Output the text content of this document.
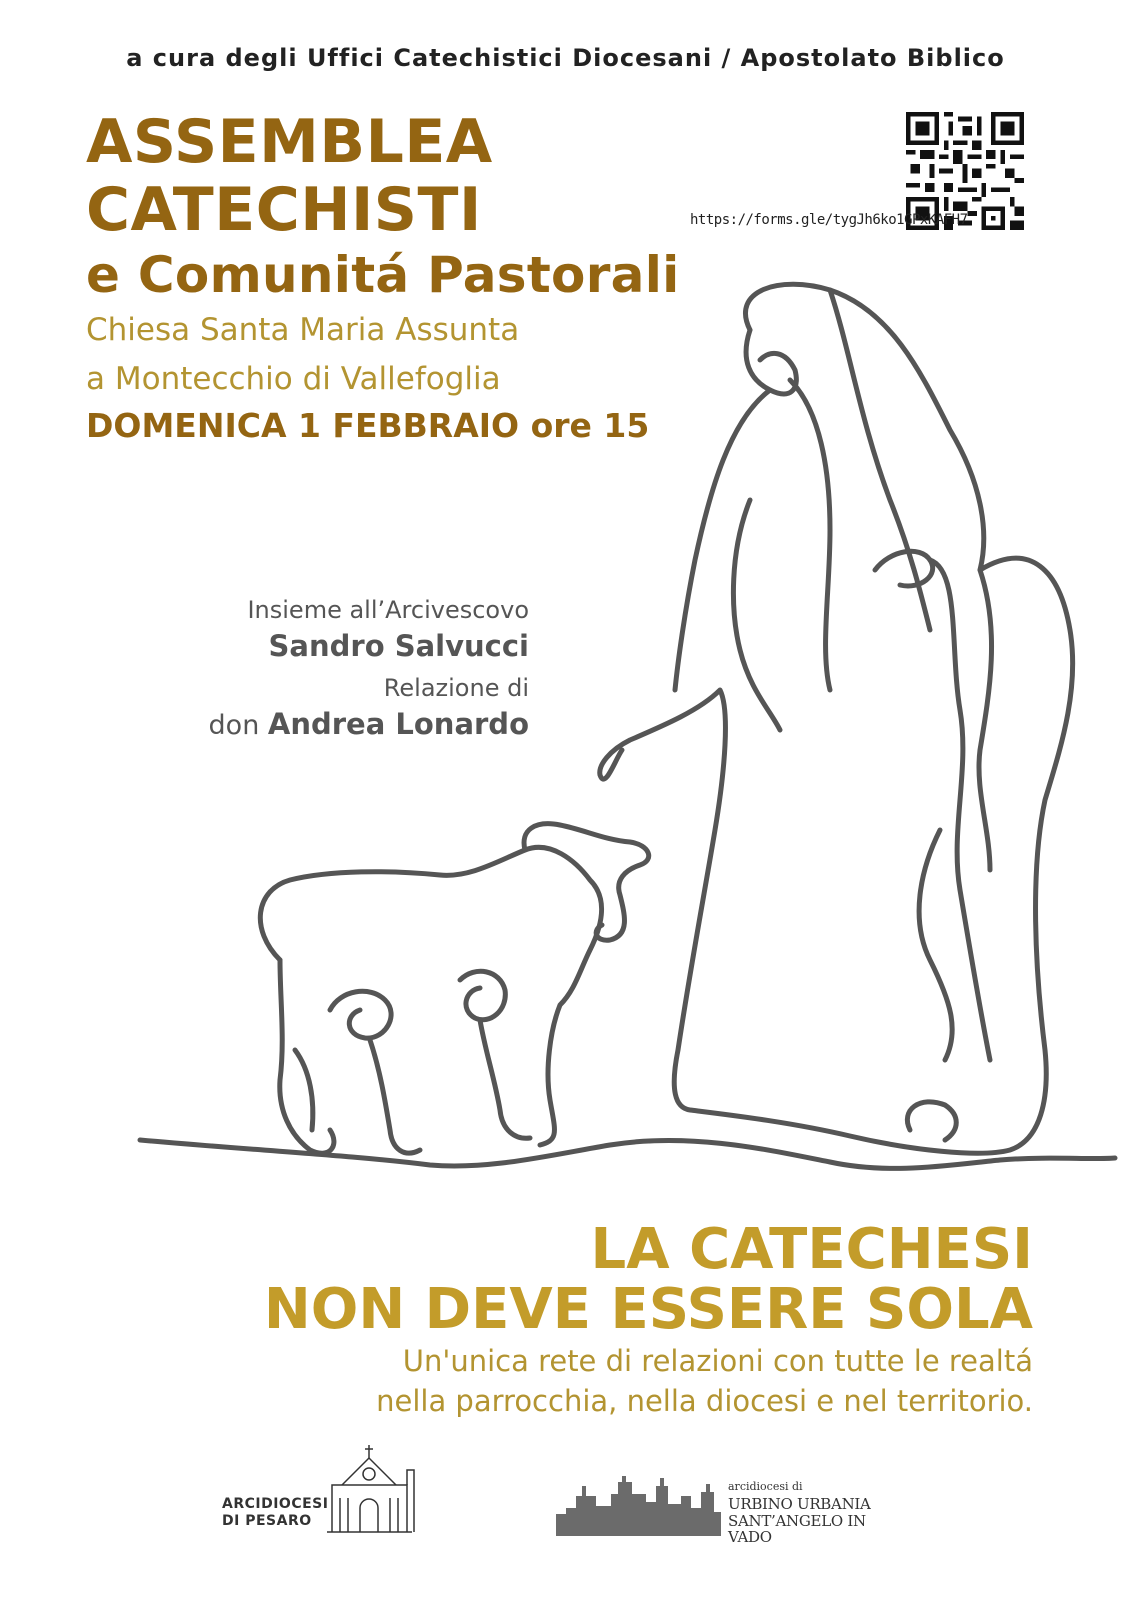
a cura degli Uffici Catechistici Diocesani / Apostolato Biblico
ASSEMBLEA
CATECHISTI
e Comunitá Pastorali
Chiesa Santa Maria Assunta
a Montecchio di Vallefoglia
DOMENICA 1 FEBBRAIO ore 15
https://forms.gle/tygJh6ko1GPxKAFH7
Insieme all’Arcivescovo
Sandro Salvucci
Relazione di
don Andrea Lonardo
LA CATECHESI
NON DEVE ESSERE SOLA
Un'unica rete di relazioni con tutte le realtá
nella parrocchia, nella diocesi e nel territorio.
ARCIDIOCESI
DI PESARO
arcidiocesi di
URBINO URBANIA
SANT’ANGELO IN VADO
